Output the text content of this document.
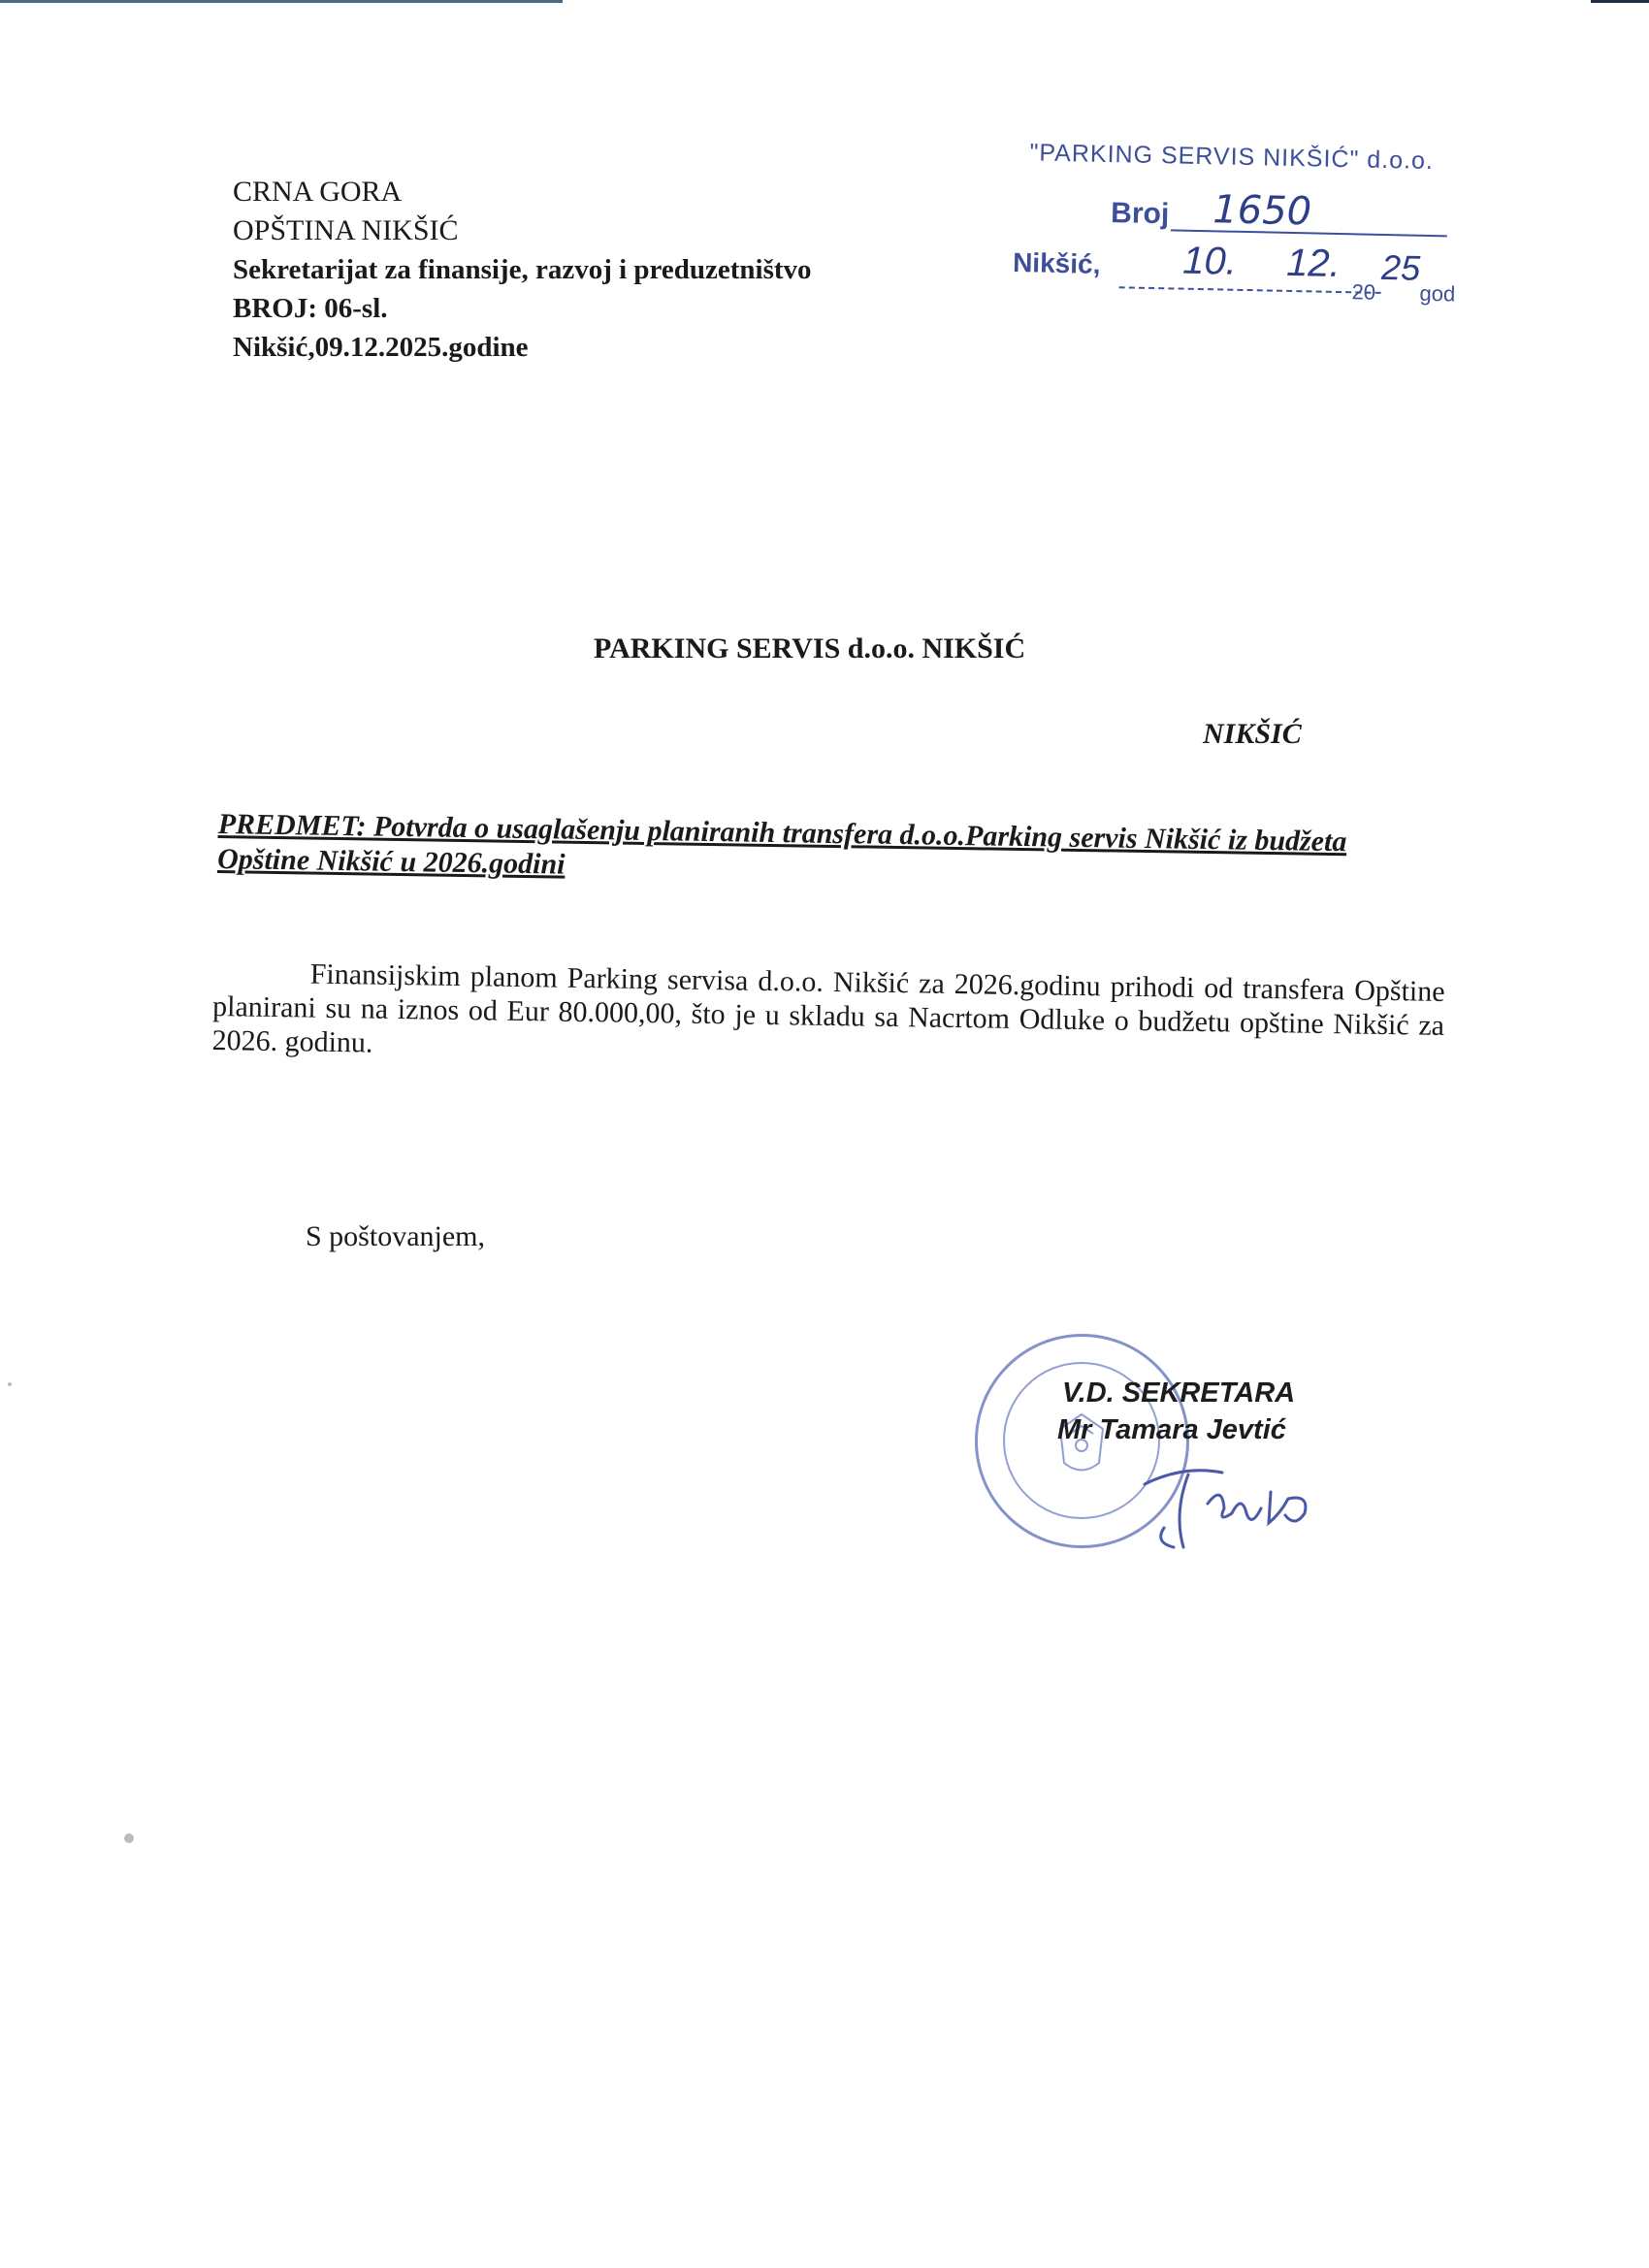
CRNA GORA
OPŠTINA NIKŠIĆ
Sekretarijat za finansije, razvoj i preduzetništvo
BROJ: 06-sl.
Nikšić,09.12.2025.godine
"PARKING SERVIS NIKŠIĆ" d.o.o.
Broj 1650
Nikšić, 10. 12.
20
25
god
PARKING SERVIS d.o.o. NIKŠIĆ
NIKŠIĆ
PREDMET: Potvrda o usaglašenju planiranih transfera d.o.o.Parking servis Nikšić iz budžeta Opštine Nikšić u 2026.godini
Finansijskim planom Parking servisa d.o.o. Nikšić za 2026.godinu prihodi od transfera Opštine planirani su na iznos od Eur 80.000,00, što je u skladu sa Nacrtom Odluke o budžetu opštine Nikšić za 2026. godinu.
S poštovanjem,
V.D. SEKRETARA
Mr Tamara Jevtić
